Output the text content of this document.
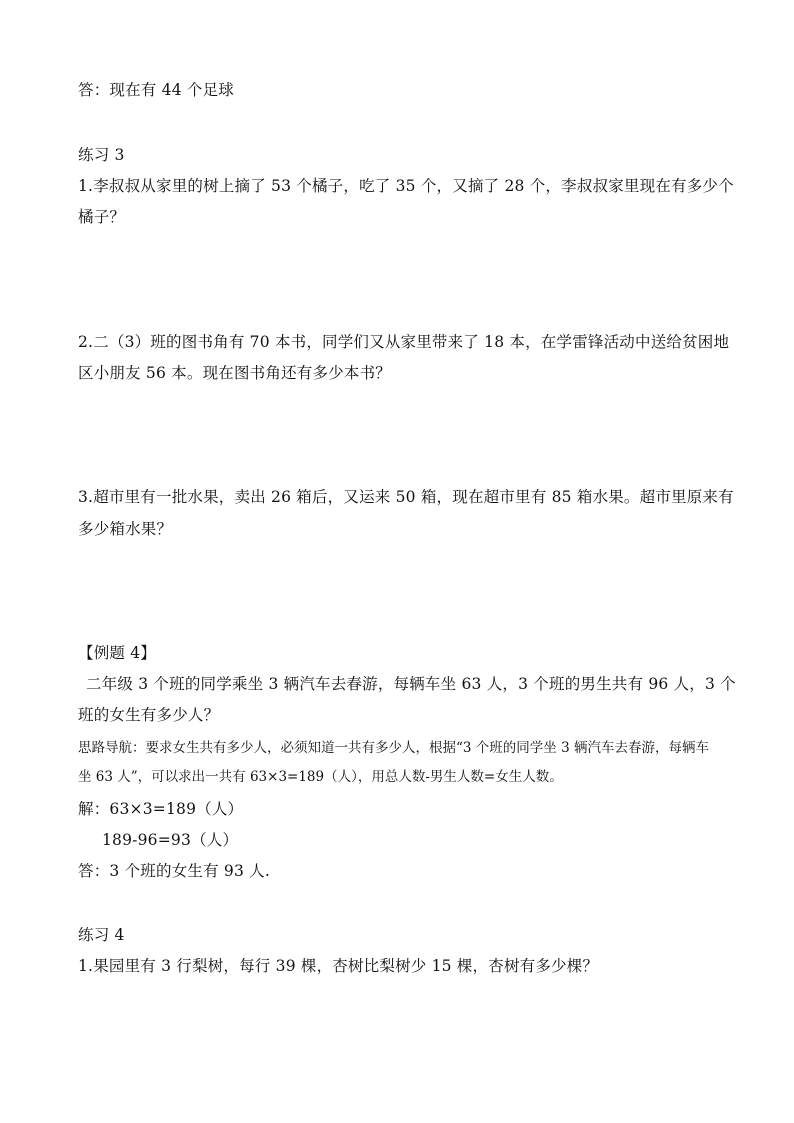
答：现在有 44 个足球
练习 3
1.李叔叔从家里的树上摘了 53 个橘子，吃了 35 个，又摘了 28 个，李叔叔家里现在有多少个
橘子？
2.二（3）班的图书角有 70 本书，同学们又从家里带来了 18 本，在学雷锋活动中送给贫困地
区小朋友 56 本。现在图书角还有多少本书？
3.超市里有一批水果，卖出 26 箱后，又运来 50 箱，现在超市里有 85 箱水果。超市里原来有
多少箱水果？
【例题 4】
二年级 3 个班的同学乘坐 3 辆汽车去春游，每辆车坐 63 人，3 个班的男生共有 96 人，3 个
班的女生有多少人？
思路导航：要求女生共有多少人，必须知道一共有多少人，根据“3 个班的同学坐 3 辆汽车去春游，每辆车
坐 63 人”，可以求出一共有 63×3=189（人），用总人数-男生人数=女生人数。
解：63×3=189（人）
189-96=93（人）
答：3 个班的女生有 93 人.
练习 4
1.果园里有 3 行梨树，每行 39 棵，杏树比梨树少 15 棵，杏树有多少棵？
